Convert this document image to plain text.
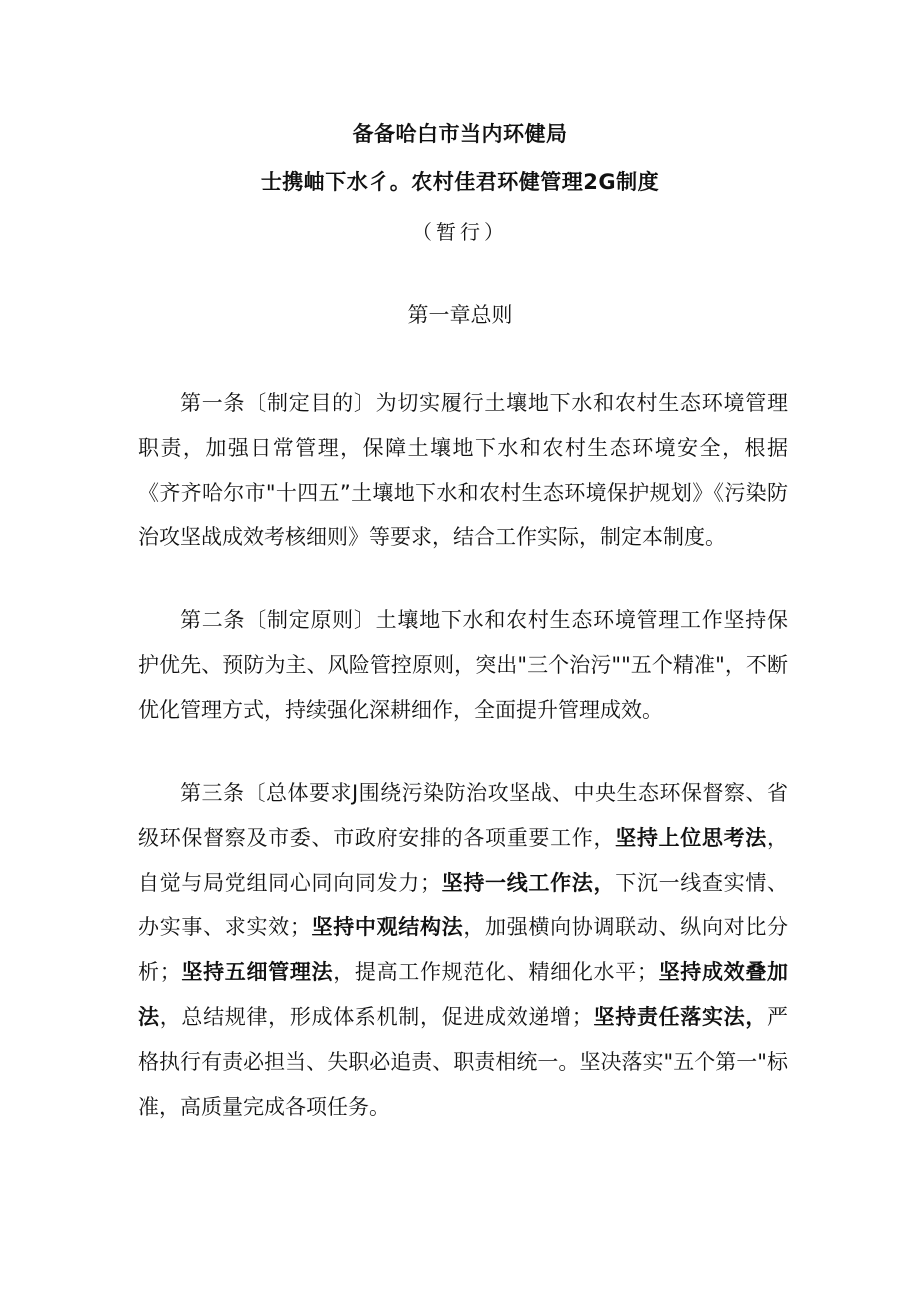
备备哈白市当内环健局
士携岫下水彳。农村佳君环健管理2G制度
（暂行）
第一章总则

第一条〔制定目的〕为切实履行土壤地下水和农村生态环境管理职责，加强日常管理，保障土壤地下水和农村生态环境安全，根据《齐齐哈尔市"十四五”土壤地下水和农村生态环境保护规划》《污染防治攻坚战成效考核细则》等要求，结合工作实际，制定本制度。

第二条〔制定原则〕土壤地下水和农村生态环境管理工作坚持保护优先、预防为主、风险管控原则，突出"三个治污""五个精准"，不断优化管理方式，持续强化深耕细作，全面提升管理成效。

第三条〔总体要求J围绕污染防治攻坚战、中央生态环保督察、省级环保督察及市委、市政府安排的各项重要工作，坚持上位思考法，自觉与局党组同心同向同发力；坚持一线工作法，下沉一线查实情、办实事、求实效；坚持中观结构法，加强横向协调联动、纵向对比分析；坚持五细管理法，提高工作规范化、精细化水平；坚持成效叠加法，总结规律，形成体系机制，促进成效递增；坚持责任落实法，严格执行有责必担当、失职必追责、职责相统一。坚决落实"五个第一"标准，高质量完成各项任务。
